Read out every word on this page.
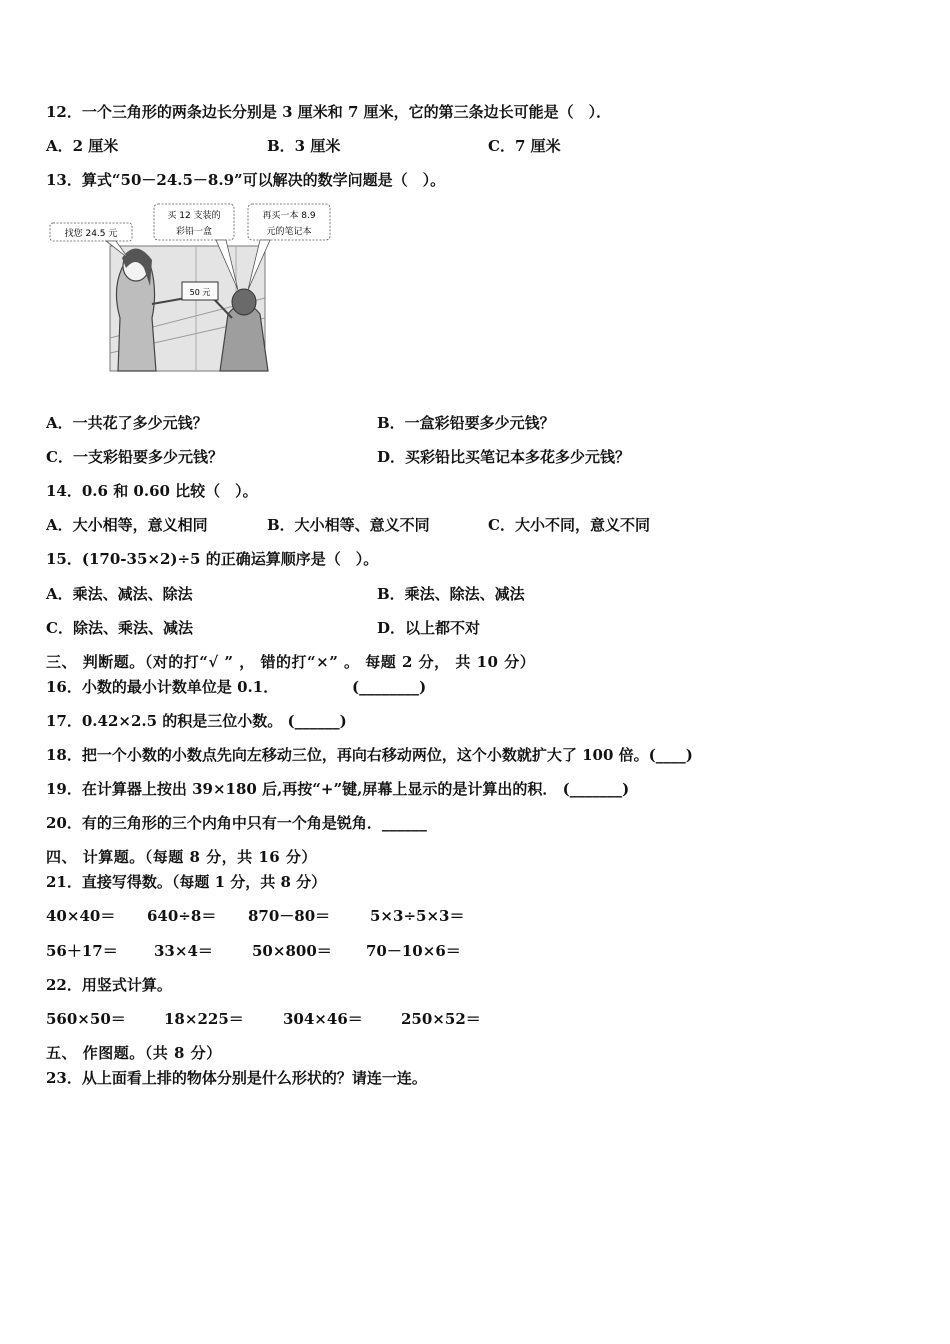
12．一个三角形的两条边长分别是 3 厘米和 7 厘米，它的第三条边长可能是（　）．
A．2 厘米	B．3 厘米	C．7 厘米
13．算式“50－24.5－8.9”可以解决的数学问题是（　）。
50 元
找您 24.5 元
买 12 支装的
彩铅一盒
再买一本 8.9
元的笔记本
A．一共花了多少元钱？	B．一盒彩铅要多少元钱？
C．一支彩铅要多少元钱？	D．买彩铅比买笔记本多花多少元钱？
14．0.6 和 0.60 比较（　）。
A．大小相等，意义相同	B．大小相等、意义不同	C．大小不同，意义不同
15．(170-35×2)÷5 的正确运算顺序是（　）。
A．乘法、减法、除法	B．乘法、除法、减法
C．除法、乘法、减法	D．以上都不对
三、 判断题。（对的打“√ ” ， 错的打“×” 。 每题 2 分， 共 10 分）
16．小数的最小计数单位是 0.1．	(________)
17．0.42×2.5 的积是三位小数。 (______)
18．把一个小数的小数点先向左移动三位，再向右移动两位，这个小数就扩大了 100 倍。(____)
19．在计算器上按出 39×180 后,再按“+”键,屏幕上显示的是计算出的积． (_______)
20．有的三角形的三个内角中只有一个角是锐角．______
四、 计算题。（每题 8 分，共 16 分）
21．直接写得数。（每题 1 分，共 8 分）
40×40＝ 640÷8＝ 870－80＝	5×3÷5×3＝
56＋17＝ 33×4＝	50×800＝ 70－10×6＝
22．用竖式计算。
560×50＝	18×225＝	304×46＝	250×52＝
五、 作图题。（共 8 分）
23．从上面看上排的物体分别是什么形状的？请连一连。
